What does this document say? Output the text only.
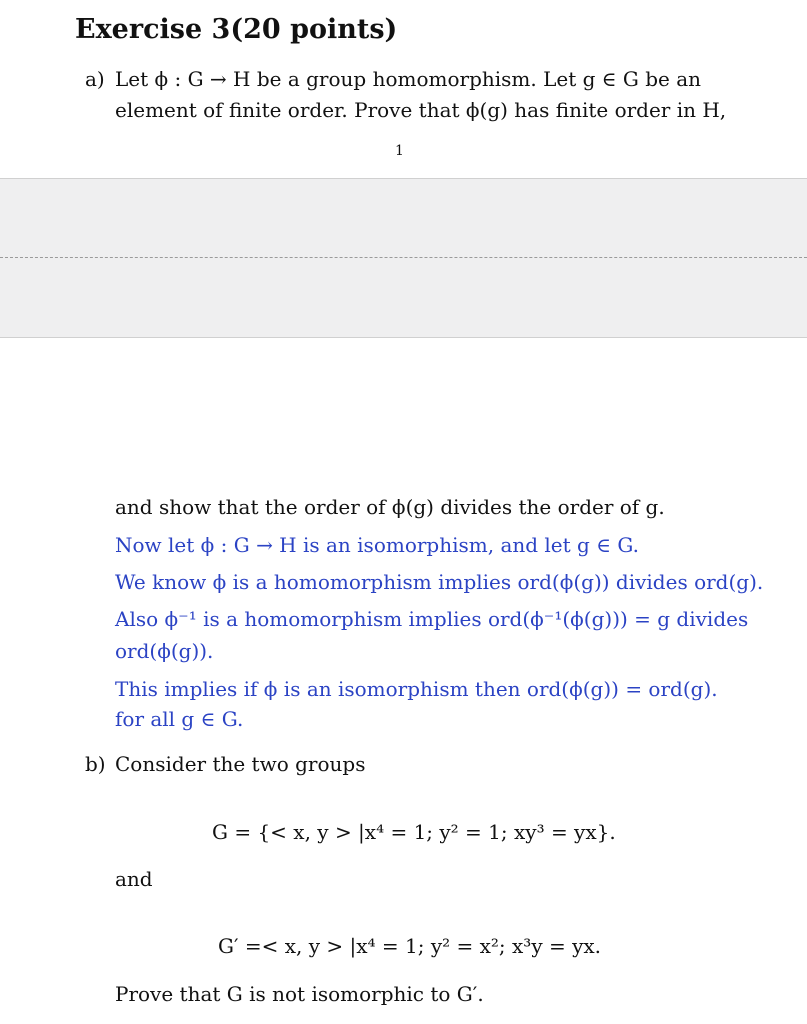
Exercise 3(20 points)
a) Let ϕ : G → H be a group homomorphism. Let g ∈ G be an
element of finite order. Prove that ϕ(g) has finite order in H,
1
and show that the order of ϕ(g) divides the order of g.
Now let ϕ : G → H is an isomorphism, and let g ∈ G.
We know ϕ is a homomorphism implies ord(ϕ(g)) divides ord(g).
Also ϕ⁻¹ is a homomorphism implies ord(ϕ⁻¹(ϕ(g))) = g divides
ord(ϕ(g)).
This implies if ϕ is an isomorphism then ord(ϕ(g)) = ord(g).
for all g ∈ G.
b) Consider the two groups
G = {< x, y > |x⁴ = 1; y² = 1; xy³ = yx}.
and
G′ =< x, y > |x⁴ = 1; y² = x²; x³y = yx.
Prove that G is not isomorphic to G′.
